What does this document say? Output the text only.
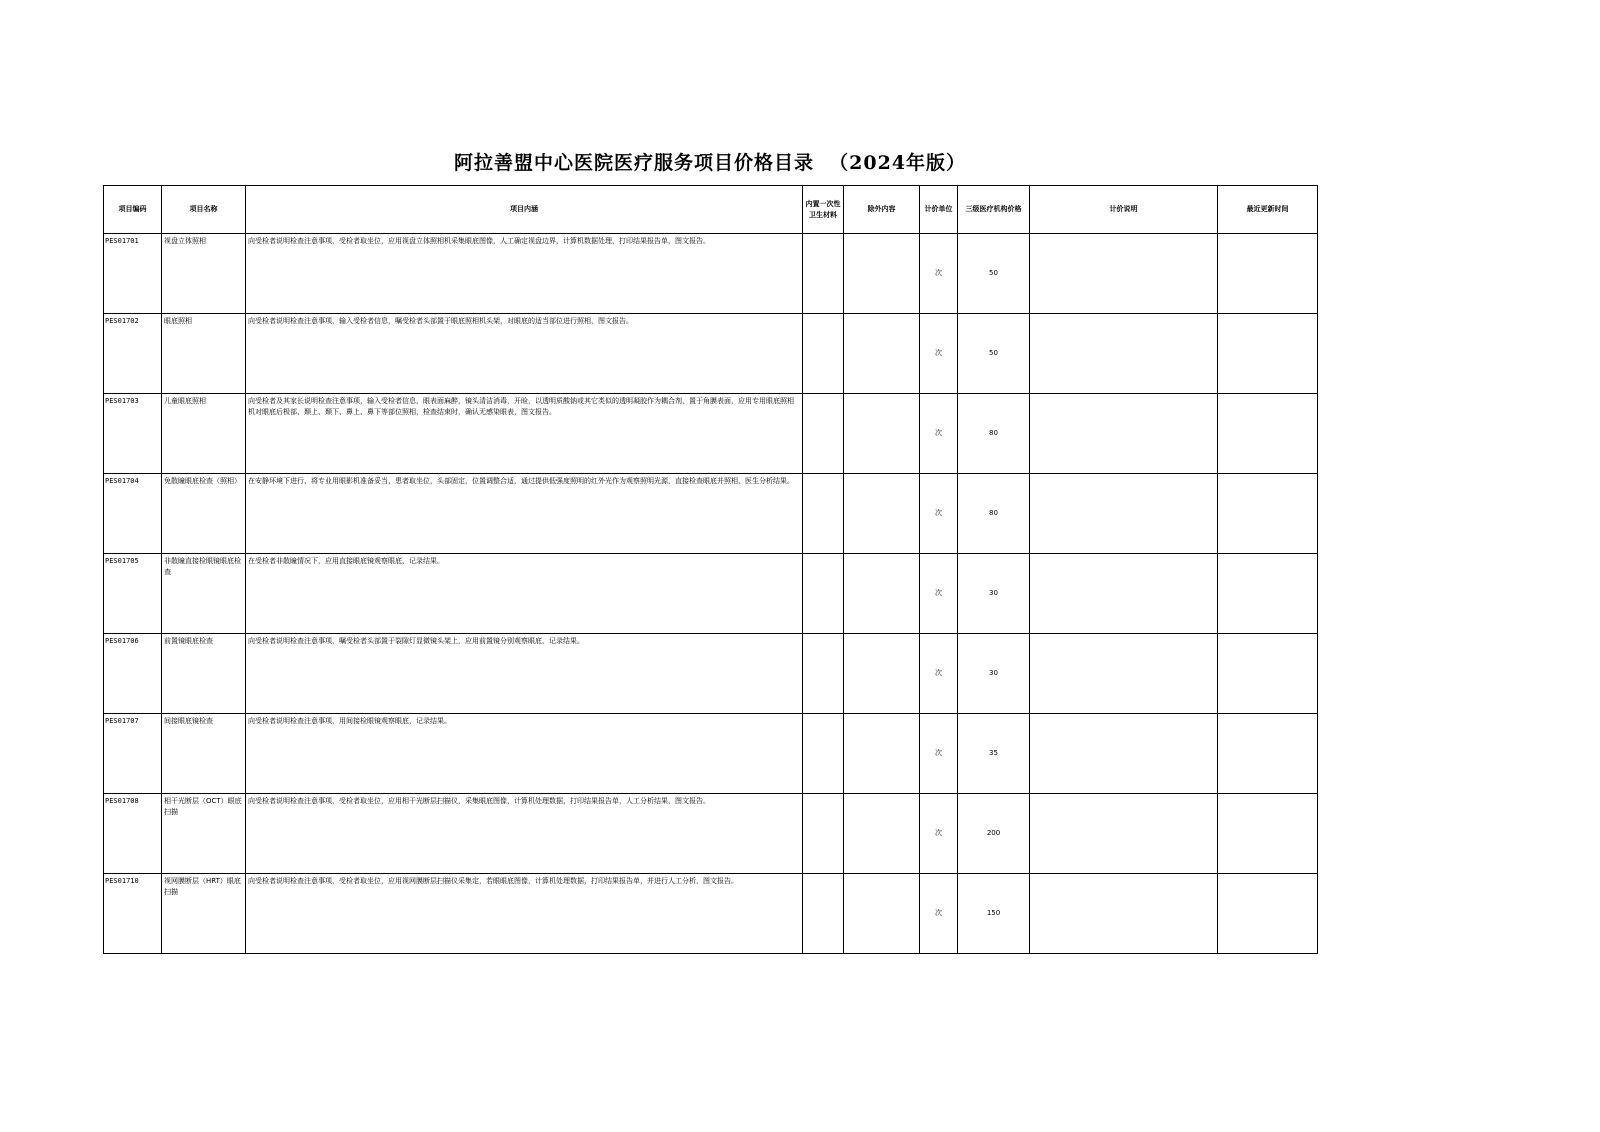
阿拉善盟中心医院医疗服务项目价格目录  （2024年版）
项目编码	项目名称	项目内涵	内置一次性卫生材料	除外内容	计价单位	三级医疗机构价格	计价说明	最近更新时间
PES01701	视盘立体照相	向受检者说明检查注意事项，受检者取坐位，应用视盘立体照相机采集眼底图像，人工确定视盘边界，计算机数据处理，打印结果报告单，图文报告。			次	50		
PES01702	眼底照相	向受检者说明检查注意事项，输入受检者信息，嘱受检者头部置于眼底照相机头架，对眼底的适当部位进行照相，图文报告。			次	50		
PES01703	儿童眼底照相	向受检者及其家长说明检查注意事项，输入受检者信息，眼表面麻醉，镜头清洁消毒，开睑，以透明质酸钠或其它类似的透明凝胶作为耦合剂，置于角膜表面，应用专用眼底照相机对眼底后极部、颞上、颞下、鼻上、鼻下等部位照相，检查结束时，确认无感染眼表，图文报告。			次	80		
PES01704	免散瞳眼底检查（照相）	在安静环境下进行，将专业用眼影机准备妥当，患者取坐位，头部固定，位置调整合适，通过提供低强度照明的红外光作为观察照明光源，直接检查眼底并照相，医生分析结果。			次	80		
PES01705	非散瞳直接检眼镜眼底检查	在受检者非散瞳情况下，应用直接眼底镜观察眼底，记录结果。			次	30		
PES01706	前置镜眼底检查	向受检者说明检查注意事项，嘱受检者头部置于裂隙灯显微镜头架上，应用前置镜分别观察眼底，记录结果。			次	30		
PES01707	间接眼底镜检查	向受检者说明检查注意事项，用间接检眼镜观察眼底，记录结果。			次	35		
PES01708	相干光断层（OCT）眼底扫描	向受检者说明检查注意事项，受检者取坐位，应用相干光断层扫描仪，采集眼底图像，计算机处理数据，打印结果报告单，人工分析结果，图文报告。			次	200		
PES01710	视网膜断层（HRT）眼底扫描	向受检者说明检查注意事项，受检者取坐位，应用视网膜断层扫描仪采集定，若眼眼底图像，计算机处理数据，打印结果报告单，并进行人工分析，图文报告。			次	150		
